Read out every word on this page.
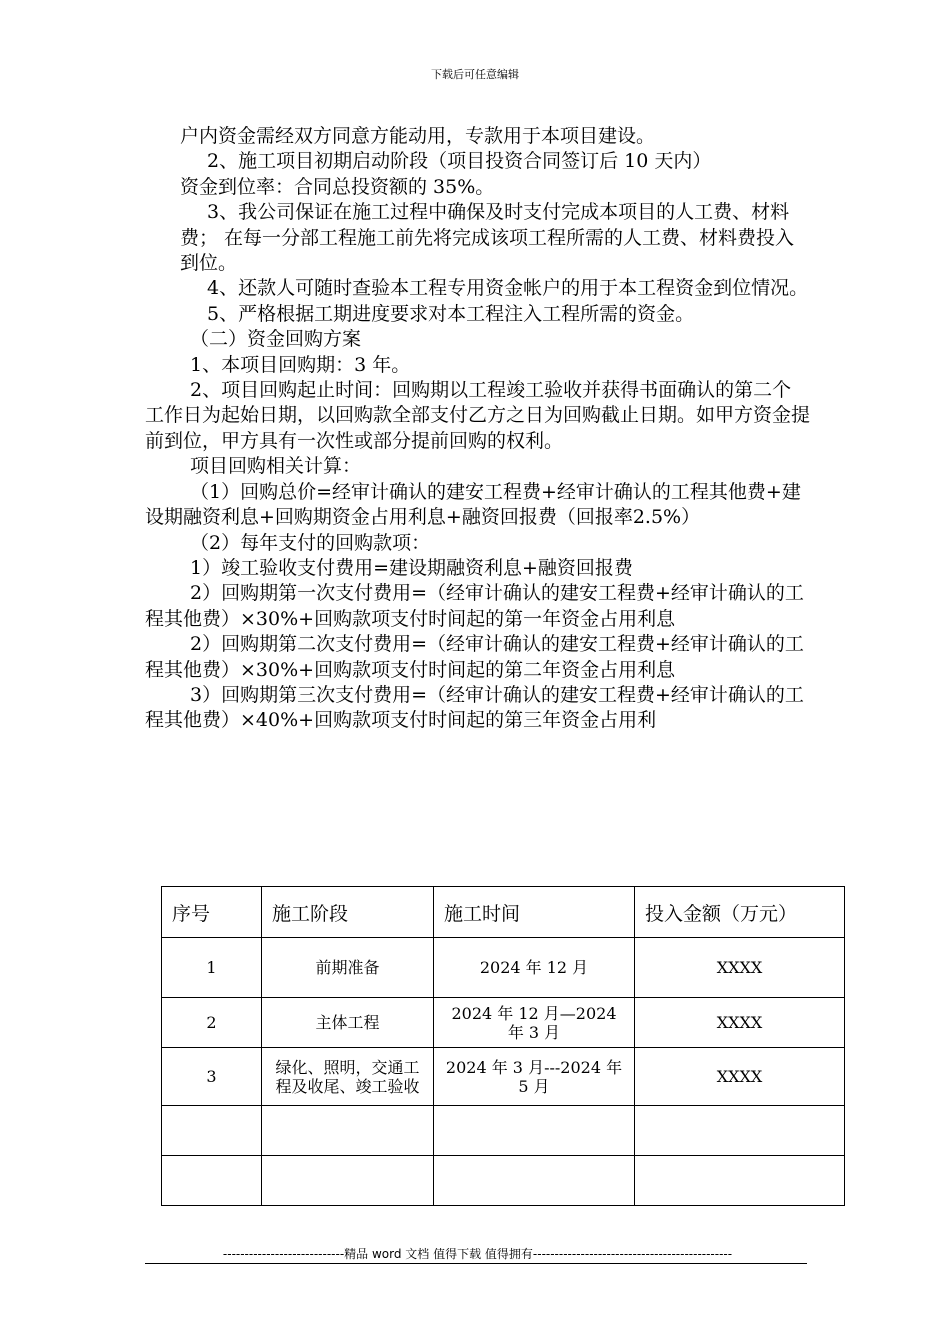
下载后可任意编辑

户内资金需经双方同意方能动用，专款用于本项目建设。

2、施工项目初期启动阶段（项目投资合同签订后 10 天内）

资金到位率：合同总投资额的 35%。

3、我公司保证在施工过程中确保及时支付完成本项目的人工费、材料费； 在每一分部工程施工前先将完成该项工程所需的人工费、材料费投入到位。

4、还款人可随时查验本工程专用资金帐户的用于本工程资金到位情况。

5、严格根据工期进度要求对本工程注入工程所需的资金。

（二）资金回购方案

1、本项目回购期：3 年。

2、项目回购起止时间：回购期以工程竣工验收并获得书面确认的第二个工作日为起始日期，以回购款全部支付乙方之日为回购截止日期。如甲方资金提前到位，甲方具有一次性或部分提前回购的权利。

项目回购相关计算：

（1）回购总价=经审计确认的建安工程费+经审计确认的工程其他费+建设期融资利息+回购期资金占用利息+融资回报费（回报率2.5%）

（2）每年支付的回购款项：

1）竣工验收支付费用=建设期融资利息+融资回报费

2）回购期第一次支付费用=（经审计确认的建安工程费+经审计确认的工程其他费）×30%+回购款项支付时间起的第一年资金占用利息

2）回购期第二次支付费用=（经审计确认的建安工程费+经审计确认的工程其他费）×30%+回购款项支付时间起的第二年资金占用利息

3）回购期第三次支付费用=（经审计确认的建安工程费+经审计确认的工程其他费）×40%+回购款项支付时间起的第三年资金占用利

序号	施工阶段	施工时间	投入金额（万元）
1	前期准备	2024 年 12 月	XXXX
2	主体工程	2024 年 12 月—2024 年 3 月	XXXX
3	绿化、照明，交通工程及收尾、竣工验收	2024 年 3 月---2024 年 5 月	XXXX

----------------------------精品 word 文档 值得下载 值得拥有----------------------------------------------
